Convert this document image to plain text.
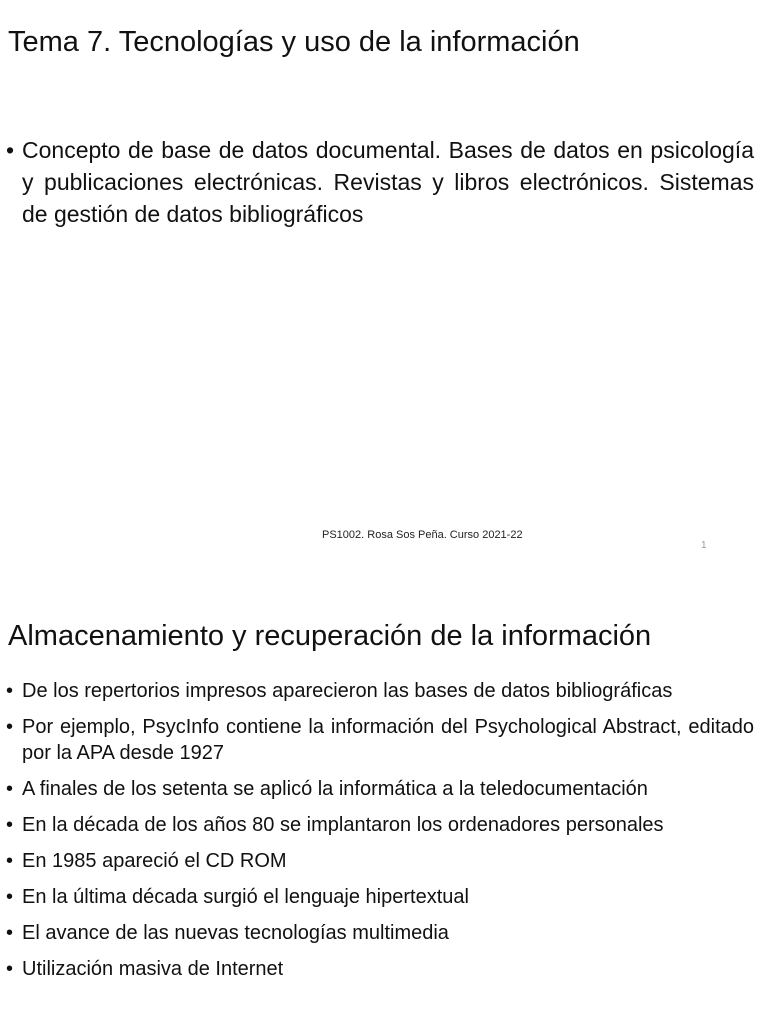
Tema 7. Tecnologías y uso de la información
• Concepto de base de datos documental. Bases de datos en psicología y publicaciones electrónicas. Revistas y libros electrónicos. Sistemas de gestión de datos bibliográficos
PS1002. Rosa Sos Peña. Curso 2021-22
1
Almacenamiento y recuperación de la información
• De los repertorios impresos aparecieron las bases de datos bibliográficas
• Por ejemplo, PsycInfo contiene la información del Psychological Abstract, editado por la APA desde 1927
• A finales de los setenta se aplicó la informática a la teledocumentación
• En la década de los años 80 se implantaron los ordenadores personales
• En 1985 apareció el CD ROM
• En la última década surgió el lenguaje hipertextual
• El avance de las nuevas tecnologías multimedia
• Utilización masiva de Internet
